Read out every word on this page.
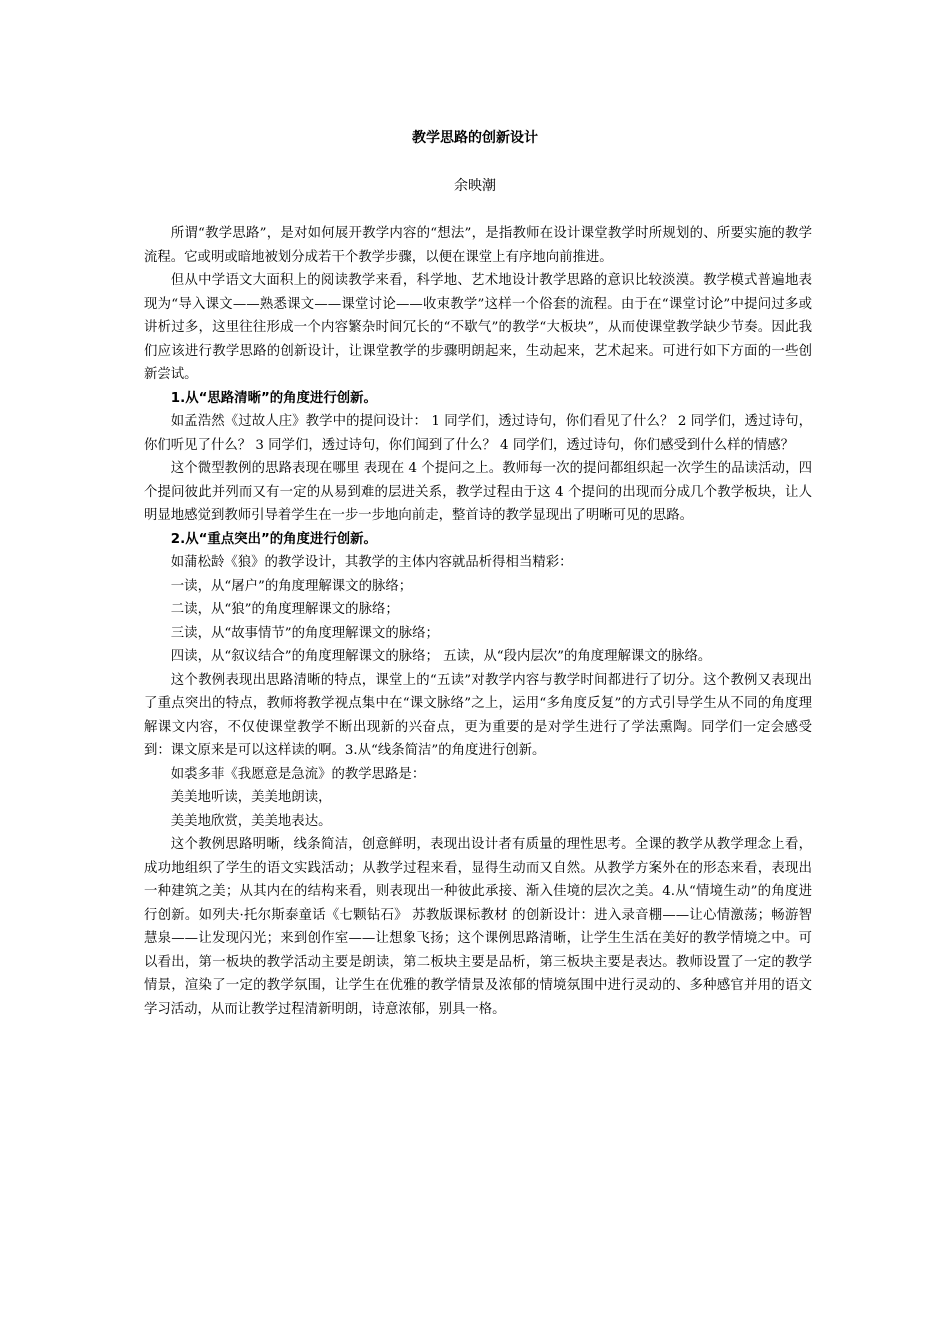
教学思路的创新设计
余映潮

所谓“教学思路”，是对如何展开教学内容的“想法”，是指教师在设计课堂教学时所规划的、所要实施的教学流程。它或明或暗地被划分成若干个教学步骤，以便在课堂上有序地向前推进。

但从中学语文大面积上的阅读教学来看，科学地、艺术地设计教学思路的意识比较淡漠。教学模式普遍地表现为“导入课文——熟悉课文——课堂讨论——收束教学”这样一个俗套的流程。由于在“课堂讨论”中提问过多或讲析过多，这里往往形成一个内容繁杂时间冗长的“不歇气”的教学“大板块”，从而使课堂教学缺少节奏。因此我们应该进行教学思路的创新设计，让课堂教学的步骤明朗起来，生动起来，艺术起来。可进行如下方面的一些创新尝试。

1.从“思路清晰”的角度进行创新。

如孟浩然《过故人庄》教学中的提问设计： 1 同学们，透过诗句，你们看见了什么？ 2 同学们，透过诗句，你们听见了什么？ 3 同学们，透过诗句，你们闻到了什么？ 4 同学们，透过诗句，你们感受到什么样的情感？

这个微型教例的思路表现在哪里 表现在 4 个提问之上。教师每一次的提问都组织起一次学生的品读活动，四个提问彼此并列而又有一定的从易到难的层进关系，教学过程由于这 4 个提问的出现而分成几个教学板块，让人明显地感觉到教师引导着学生在一步一步地向前走，整首诗的教学显现出了明晰可见的思路。

2.从“重点突出”的角度进行创新。

如蒲松龄《狼》的教学设计，其教学的主体内容就品析得相当精彩：

一读，从“屠户”的角度理解课文的脉络；

二读，从“狼”的角度理解课文的脉络；

三读，从“故事情节”的角度理解课文的脉络；

四读，从“叙议结合”的角度理解课文的脉络； 五读，从“段内层次”的角度理解课文的脉络。

这个教例表现出思路清晰的特点，课堂上的“五读”对教学内容与教学时间都进行了切分。这个教例又表现出了重点突出的特点，教师将教学视点集中在“课文脉络”之上，运用“多角度反复”的方式引导学生从不同的角度理解课文内容，不仅使课堂教学不断出现新的兴奋点，更为重要的是对学生进行了学法熏陶。同学们一定会感受到：课文原来是可以这样读的啊。3.从“线条简洁”的角度进行创新。

如裘多菲《我愿意是急流》的教学思路是：

美美地听读，美美地朗读，

美美地欣赏，美美地表达。

这个教例思路明晰，线条简洁，创意鲜明，表现出设计者有质量的理性思考。全课的教学从教学理念上看，成功地组织了学生的语文实践活动；从教学过程来看，显得生动而又自然。从教学方案外在的形态来看，表现出一种建筑之美；从其内在的结构来看，则表现出一种彼此承接、渐入佳境的层次之美。4.从“情境生动”的角度进行创新。如列夫·托尔斯泰童话《七颗钻石》 苏教版课标教材 的创新设计：进入录音棚——让心情激荡；畅游智慧泉——让发现闪光；来到创作室——让想象飞扬；这个课例思路清晰，让学生生活在美好的教学情境之中。可以看出，第一板块的教学活动主要是朗读，第二板块主要是品析，第三板块主要是表达。教师设置了一定的教学情景，渲染了一定的教学氛围，让学生在优雅的教学情景及浓郁的情境氛围中进行灵动的、多种感官并用的语文学习活动，从而让教学过程清新明朗，诗意浓郁，别具一格。
